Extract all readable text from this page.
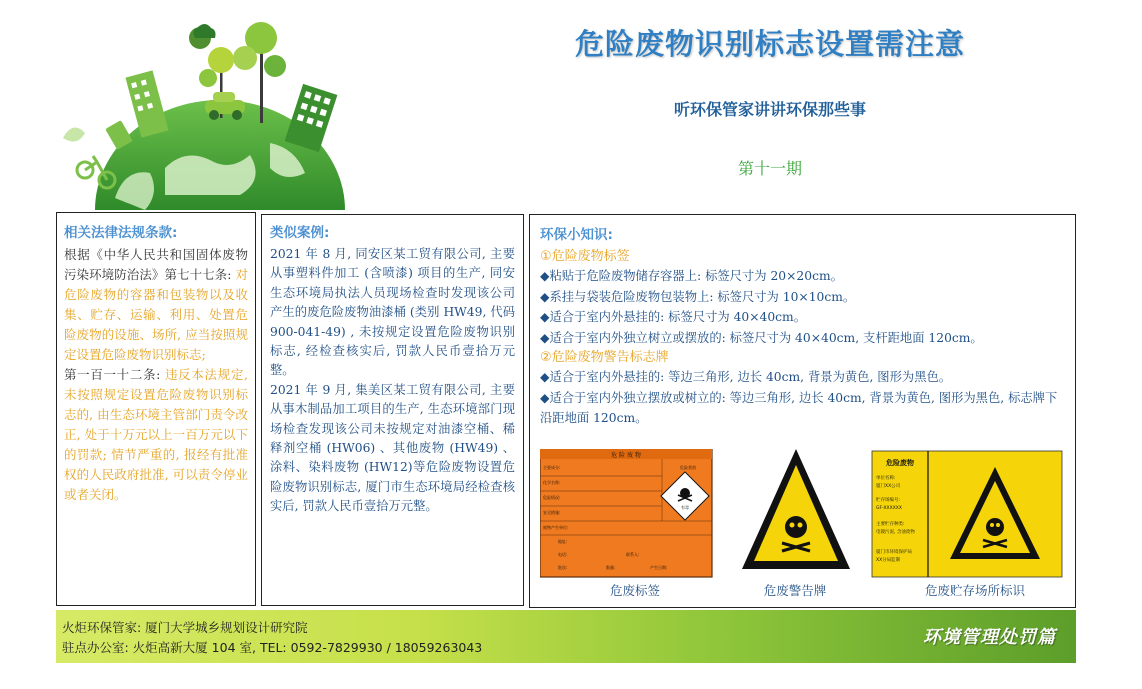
危险废物识别标志设置需注意
听环保管家讲讲环保那些事
第十一期
相关法律法规条款:
根据《中华人民共和国固体废物污染环境防治法》第七十七条: 对危险废物的容器和包装物以及收集、贮存、运输、利用、处置危险废物的设施、场所, 应当按照规定设置危险废物识别标志;
第一百一十二条: 违反本法规定, 未按照规定设置危险废物识别标志的, 由生态环境主管部门责令改正, 处于十万元以上一百万元以下的罚款; 情节严重的, 报经有批准权的人民政府批准, 可以责令停业或者关闭。
类似案例:
2021 年 8 月, 同安区某工贸有限公司, 主要从事塑料件加工 (含喷漆) 项目的生产, 同安生态环境局执法人员现场检查时发现该公司产生的废危险废物油漆桶 (类别 HW49, 代码 900-041-49) , 未按规定设置危险废物识别标志, 经检查核实后, 罚款人民币壹拾万元整。
2021 年 9 月, 集美区某工贸有限公司, 主要从事木制品加工项目的生产, 生态环境部门现场检查发现该公司未按规定对油漆空桶、稀释剂空桶 (HW06) 、其他废物 (HW49) 、涂料、染料废物 (HW12)等危险废物设置危险废物识别标志, 厦门市生态环境局经检查核实后, 罚款人民币壹拾万元整。
环保小知识:
①危险废物标签
◆粘贴于危险废物储存容器上: 标签尺寸为 20×20cm。
◆系挂与袋装危险废物包装物上: 标签尺寸为 10×10cm。
◆适合于室内外悬挂的: 标签尺寸为 40×40cm。
◆适合于室内外独立树立或摆放的: 标签尺寸为 40×40cm, 支杆距地面 120cm。
②危险废物警告标志牌
◆适合于室内外悬挂的: 等边三角形, 边长 40cm, 背景为黄色, 图形为黑色。
◆适合于室内外独立摆放或树立的: 等边三角形, 边长 40cm, 背景为黄色, 图形为黑色, 标志牌下沿距地面 120cm。
危 险 废 物
危险类别
主要成分:
化学名称:
危险情况:
安全措施:
废物产生单位:
地址:
电话:	联系人:
批次:	数量:	产生日期:
有毒
危险废物
单位名称:
厦门XX公司
贮存场编号:
GF-XXXXXX
主要贮存种类:
电镀污泥, 含油废物
厦门市环境保护局
XX分局监制
危废标签	危废警告牌	危废贮存场所标识
火炬环保管家: 厦门大学城乡规划设计研究院
驻点办公室: 火炬高新大厦 104 室, TEL: 0592-7829930 / 18059263043	环境管理处罚篇
